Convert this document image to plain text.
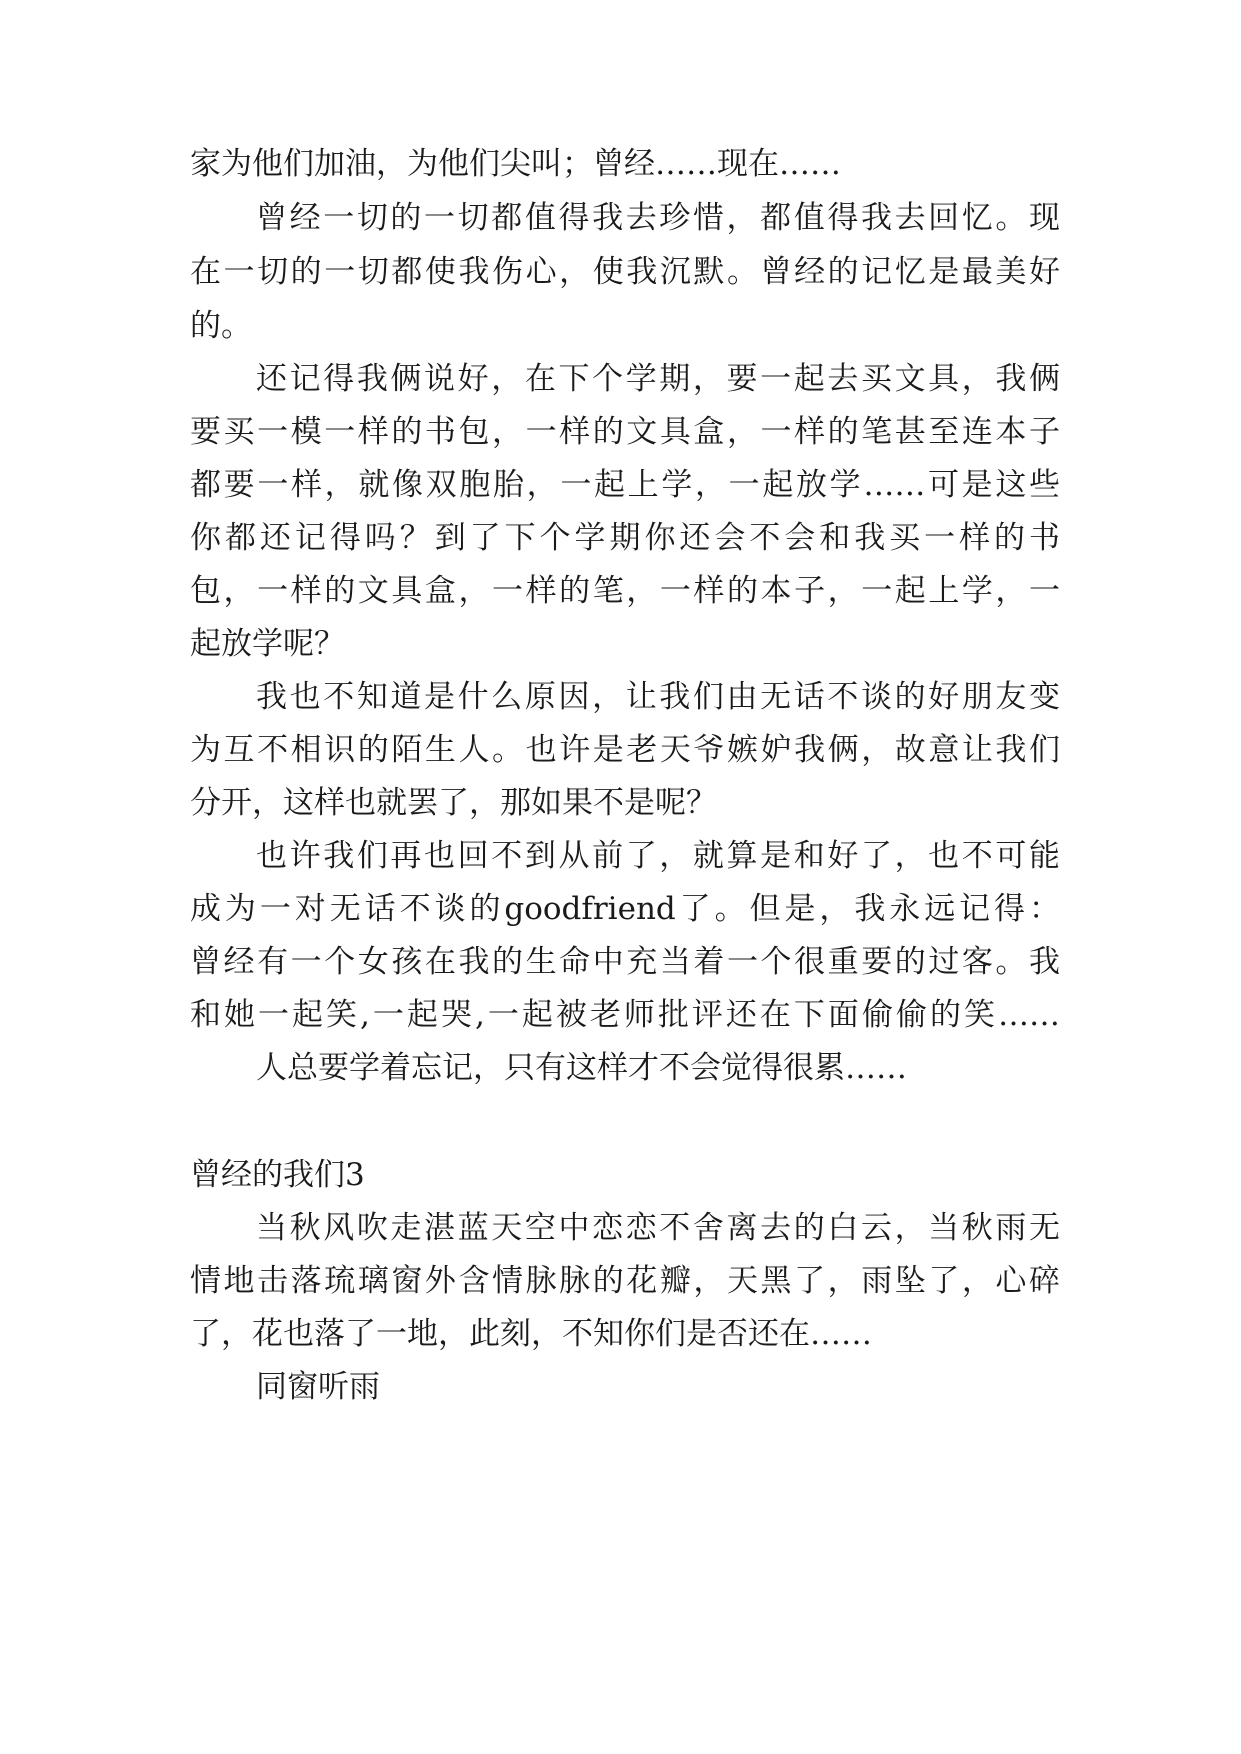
家为他们加油，为他们尖叫；曾经……现在……

曾经一切的一切都值得我去珍惜，都值得我去回忆。现

在一切的一切都使我伤心，使我沉默。曾经的记忆是最美好

的。

还记得我俩说好，在下个学期，要一起去买文具，我俩

要买一模一样的书包，一样的文具盒，一样的笔甚至连本子

都要一样，就像双胞胎，一起上学，一起放学……可是这些

你都还记得吗？到了下个学期你还会不会和我买一样的书

包，一样的文具盒，一样的笔，一样的本子，一起上学，一

起放学呢？

我也不知道是什么原因，让我们由无话不谈的好朋友变

为互不相识的陌生人。也许是老天爷嫉妒我俩，故意让我们

分开，这样也就罢了，那如果不是呢？

也许我们再也回不到从前了，就算是和好了，也不可能

成为一对无话不谈的goodfriend了。但是，我永远记得：

曾经有一个女孩在我的生命中充当着一个很重要的过客。我

和她一起笑,一起哭,一起被老师批评还在下面偷偷的笑……

人总要学着忘记，只有这样才不会觉得很累……

曾经的我们3

当秋风吹走湛蓝天空中恋恋不舍离去的白云，当秋雨无

情地击落琉璃窗外含情脉脉的花瓣，天黑了，雨坠了，心碎

了，花也落了一地，此刻，不知你们是否还在……

同窗听雨
